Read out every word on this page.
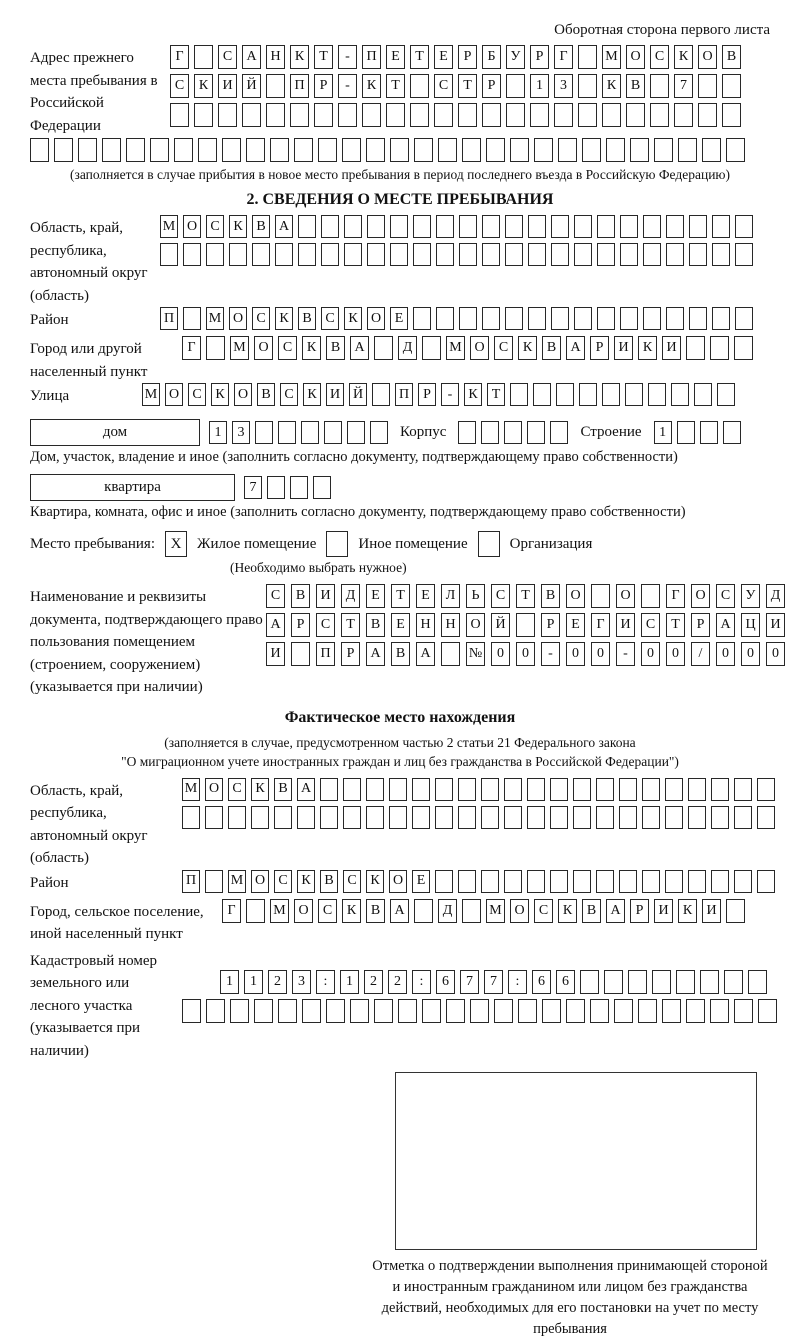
Оборотная сторона первого листа
Адрес прежнего места пребывания в Российской Федерации
Г	С	А Н	К	Т	-	П	Е	Т	Е	Р	Б	У	Р	Г	М О	С	К	О	В
С	К	И Й	П	Р	-	К	Т	С	Т	Р	1	3	К	В	7
(заполняется в случае прибытия в новое место пребывания в период последнего въезда в Российскую Федерацию)
2. СВЕДЕНИЯ О МЕСТЕ ПРЕБЫВАНИЯ
Область, край, республика, автономный округ (область)
М О С К В А
Район	П М О С К В С К О Е
Город или другой населенный пункт
Г	М О	С	К	В	А	Д	М О	С	К	В	А	Р	И	К	И
Улица	М О С К О В С К И Й	П	Р	-	К	Т
дом	1	3	Корпус	Строение	1
Дом, участок, владение и иное (заполнить согласно документу, подтверждающему право собственности)
квартира	7
Квартира, комната, офис и иное (заполнить согласно документу, подтверждающему право собственности)
Место пребывания:	X	Жилое помещение	Иное помещение	Организация
(Необходимо выбрать нужное)
Наименование и реквизиты документа, подтверждающего право пользования помещением (строением, сооружением) (указывается при наличии)
С	В	И	Д	Е	Т	Е	Л	Ь	С	Т	В	О	О	Г	О	С	У	Д
А	Р	С	Т	В	Е	Н	Н	О	Й	Р	Е	Г	И	С	Т	Р	А	Ц	И
И	П	Р	А	В	А	№	0	0	-	0	0	-	0	0	/	0	0	0
Фактическое место нахождения
(заполняется в случае, предусмотренном частью 2 статьи 21 Федерального закона
"О миграционном учете иностранных граждан и лиц без гражданства в Российской Федерации")
Область, край, республика, автономный округ (область)
М О С К В А
Район	П М О С К В С К О Е
Город, сельское поселение, иной населенный пункт
Г	М О	С	К	В	А	Д	М О	С	К	В	А	Р	И	К	И
Кадастровый номер земельного или лесного участка (указывается при наличии)
1	1	2	3	:	1	2	2	:	6	7	7	:	6	6
Отметка о подтверждении выполнения принимающей стороной и иностранным гражданином или лицом без гражданства действий, необходимых для его постановки на учет по месту пребывания
